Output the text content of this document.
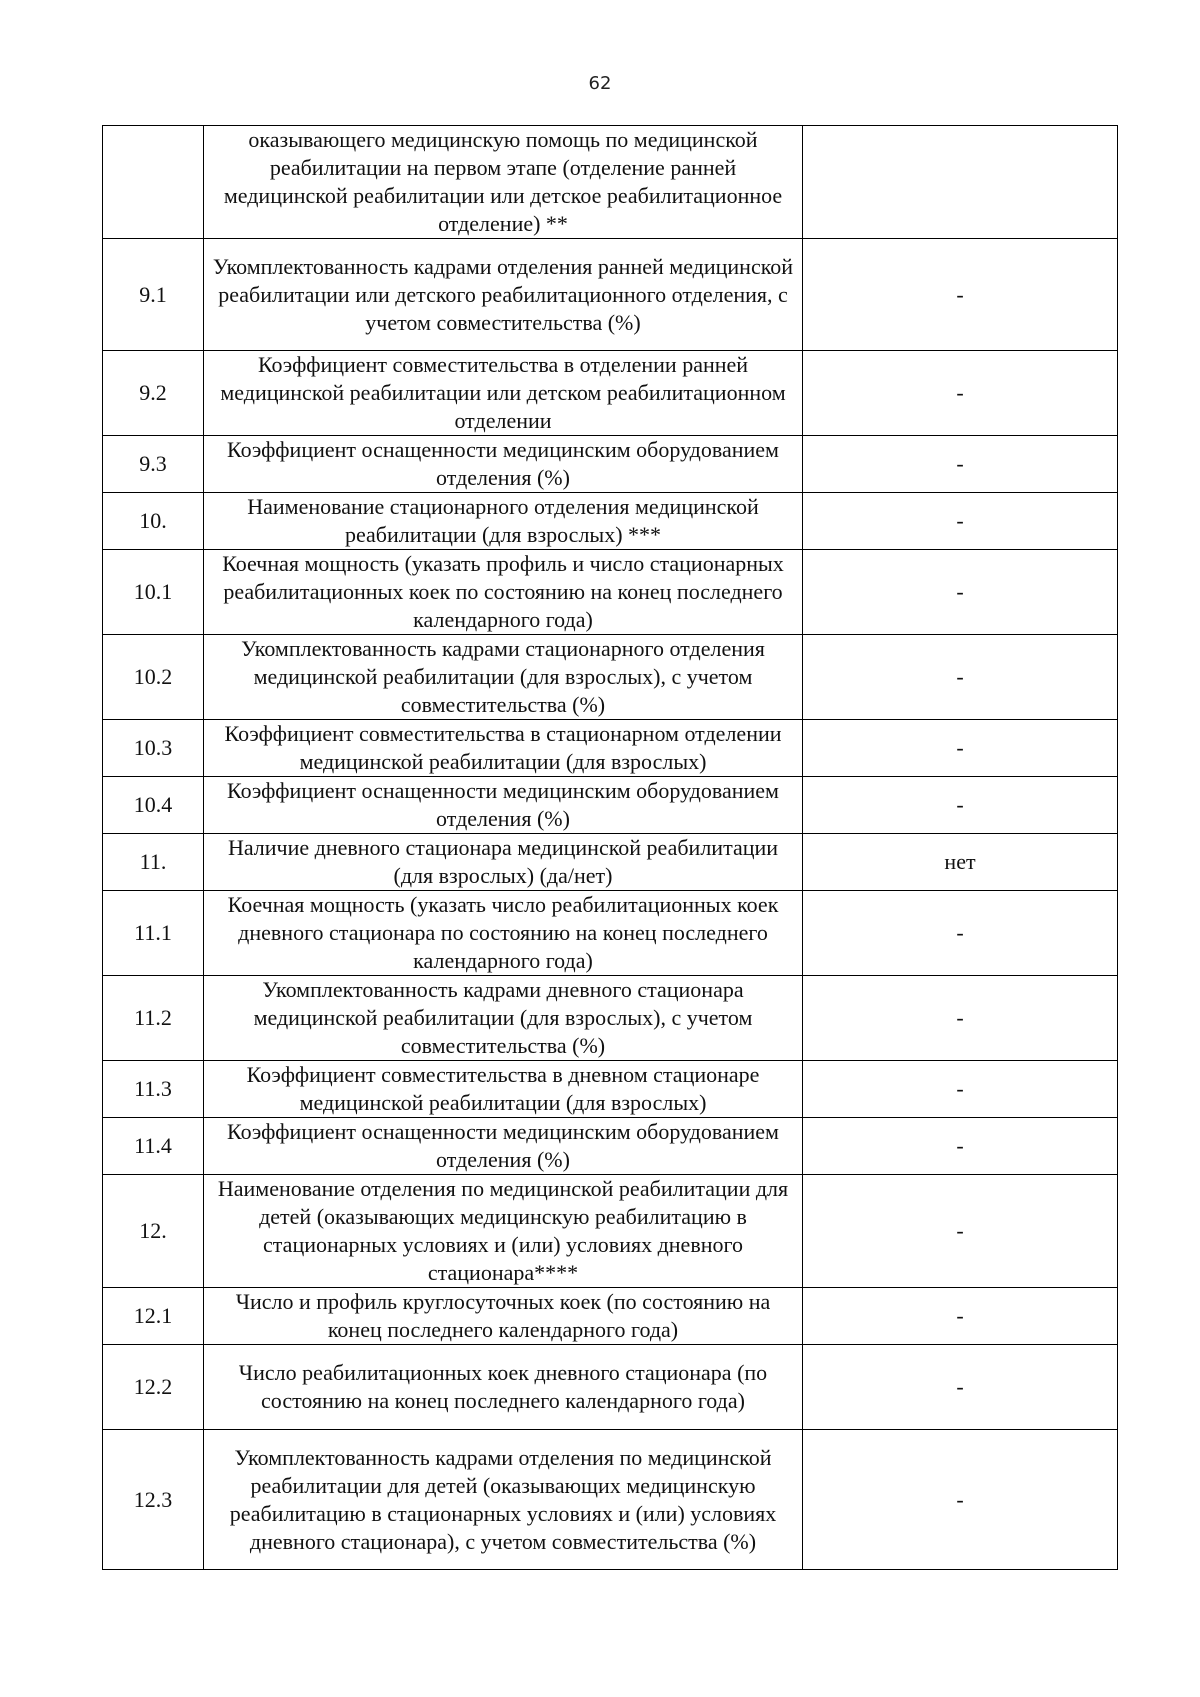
62
	оказывающего медицинскую помощь по медицинской реабилитации на первом этапе (отделение ранней медицинской реабилитации или детское реабилитационное отделение) **	
9.1	Укомплектованность кадрами отделения ранней медицинской реабилитации или детского реабилитационного отделения, с учетом совместительства (%)	-
9.2	Коэффициент совместительства в отделении ранней медицинской реабилитации или детском реабилитационном отделении	-
9.3	Коэффициент оснащенности медицинским оборудованием отделения (%)	-
10.	Наименование стационарного отделения медицинской реабилитации (для взрослых) ***	-
10.1	Коечная мощность (указать профиль и число стационарных реабилитационных коек по состоянию на конец последнего календарного года)	-
10.2	Укомплектованность кадрами стационарного отделения медицинской реабилитации (для взрослых), с учетом совместительства (%)	-
10.3	Коэффициент совместительства в стационарном отделении медицинской реабилитации (для взрослых)	-
10.4	Коэффициент оснащенности медицинским оборудованием отделения (%)	-
11.	Наличие дневного стационара медицинской реабилитации (для взрослых) (да/нет)	нет
11.1	Коечная мощность (указать число реабилитационных коек дневного стационара по состоянию на конец последнего календарного года)	-
11.2	Укомплектованность кадрами дневного стационара медицинской реабилитации (для взрослых), с учетом совместительства (%)	-
11.3	Коэффициент совместительства в дневном стационаре медицинской реабилитации (для взрослых)	-
11.4	Коэффициент оснащенности медицинским оборудованием отделения (%)	-
12.	Наименование отделения по медицинской реабилитации для детей (оказывающих медицинскую реабилитацию в стационарных условиях и (или) условиях дневного стационара****	-
12.1	Число и профиль круглосуточных коек (по состоянию на конец последнего календарного года)	-
12.2	Число реабилитационных коек дневного стационара (по состоянию на конец последнего календарного года)	-
12.3	Укомплектованность кадрами отделения по медицинской реабилитации для детей (оказывающих медицинскую реабилитацию в стационарных условиях и (или) условиях дневного стационара), с учетом совместительства (%)	-
